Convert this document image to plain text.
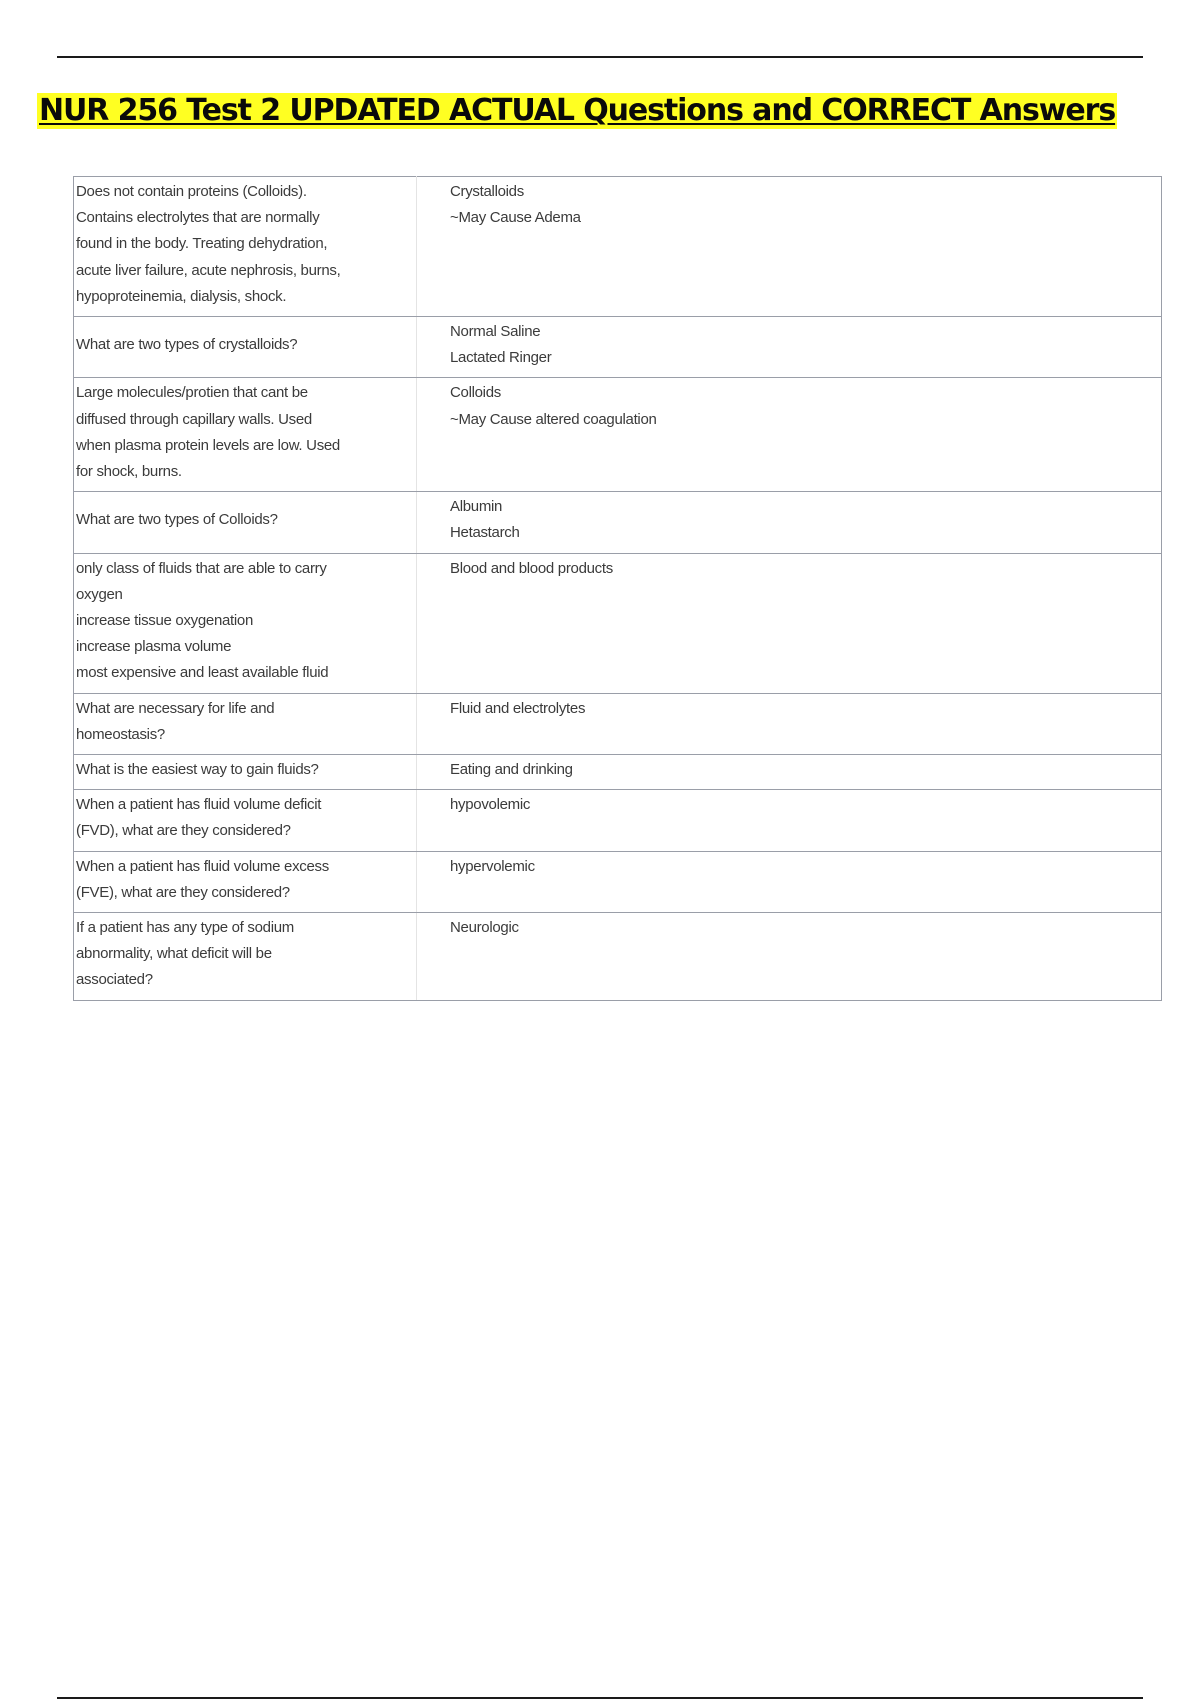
NUR 256 Test 2 UPDATED ACTUAL Questions and CORRECT Answers
Does not contain proteins (Colloids).
Contains electrolytes that are normally
found in the body. Treating dehydration,
acute liver failure, acute nephrosis, burns,
hypoproteinemia, dialysis, shock.	Crystalloids
~May Cause Adema
What are two types of crystalloids?	Normal Saline
Lactated Ringer
Large molecules/protien that cant be
diffused through capillary walls. Used
when plasma protein levels are low. Used
for shock, burns.	Colloids
~May Cause altered coagulation
What are two types of Colloids?	Albumin
Hetastarch
only class of fluids that are able to carry
oxygen
increase tissue oxygenation
increase plasma volume
most expensive and least available fluid	Blood and blood products
What are necessary for life and
homeostasis?	Fluid and electrolytes
What is the easiest way to gain fluids?	Eating and drinking
When a patient has fluid volume deficit
(FVD), what are they considered?	hypovolemic
When a patient has fluid volume excess
(FVE), what are they considered?	hypervolemic
If a patient has any type of sodium
abnormality, what deficit will be
associated?	Neurologic
